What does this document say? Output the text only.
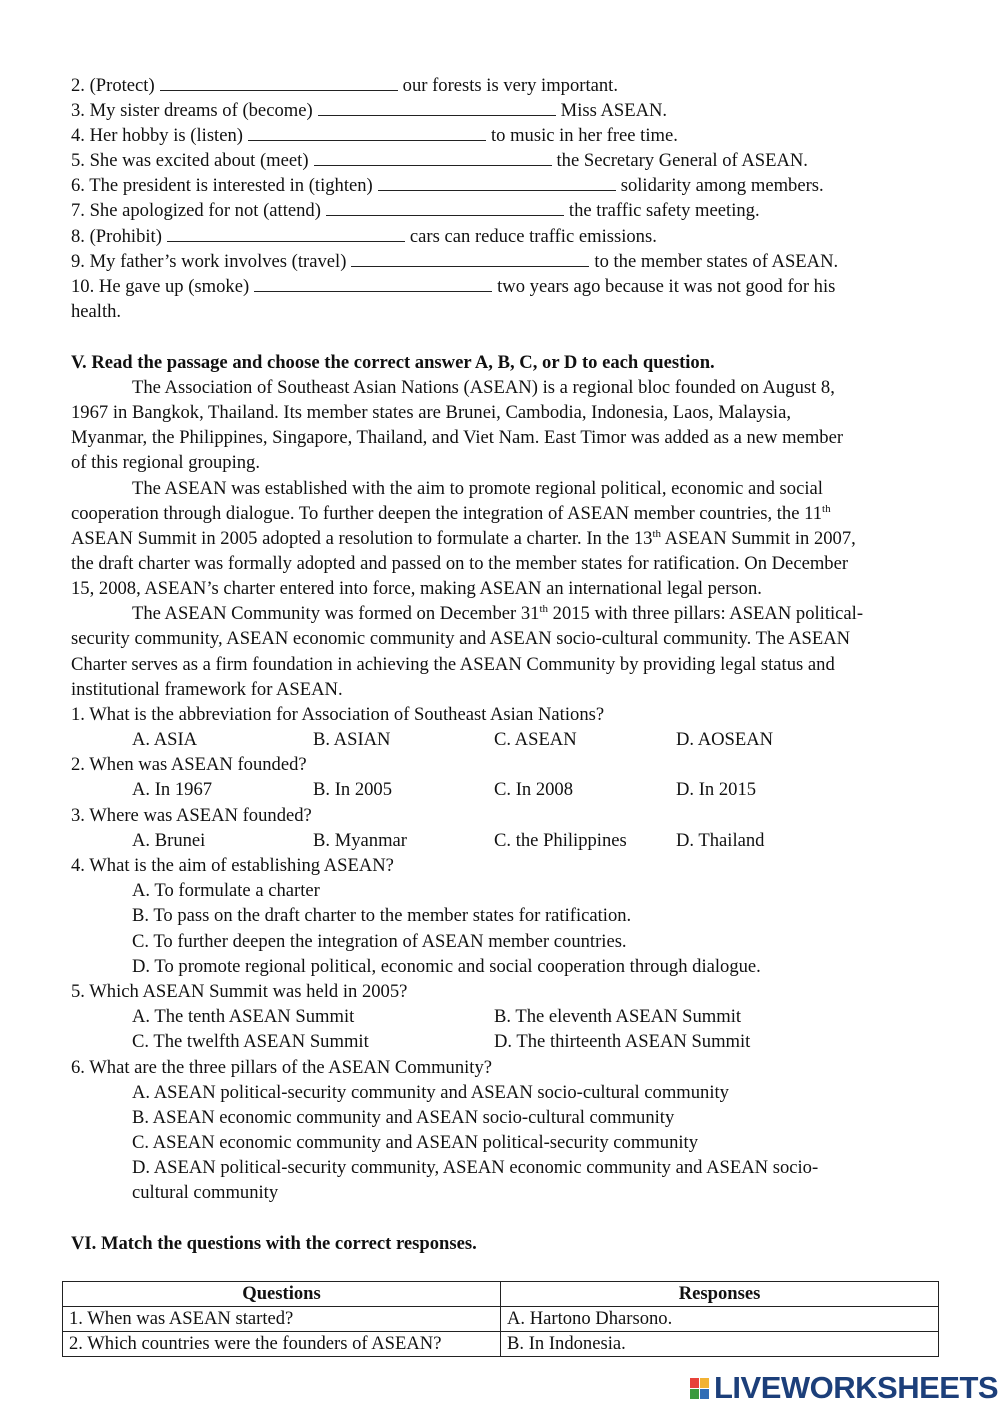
2. (Protect)	our forests is very important.
3. My sister dreams of (become)	Miss ASEAN.
4. Her hobby is (listen)	to music in her free time.
5. She was excited about (meet)	the Secretary General of ASEAN.
6. The president is interested in (tighten)	solidarity among members.
7. She apologized for not (attend)	the traffic safety meeting.
8. (Prohibit)	cars can reduce traffic emissions.
9. My father’s work involves (travel)	to the member states of ASEAN.
10. He gave up (smoke)	two years ago because it was not good for his
health.
V. Read the passage and choose the correct answer A, B, C, or D to each question.
The Association of Southeast Asian Nations (ASEAN) is a regional bloc founded on August 8,
1967 in Bangkok, Thailand. Its member states are Brunei, Cambodia, Indonesia, Laos, Malaysia,
Myanmar, the Philippines, Singapore, Thailand, and Viet Nam. East Timor was added as a new member
of this regional grouping.
The ASEAN was established with the aim to promote regional political, economic and social
cooperation through dialogue. To further deepen the integration of ASEAN member countries, the 11th
ASEAN Summit in 2005 adopted a resolution to formulate a charter. In the 13th ASEAN Summit in 2007,
the draft charter was formally adopted and passed on to the member states for ratification. On December
15, 2008, ASEAN’s charter entered into force, making ASEAN an international legal person.
The ASEAN Community was formed on December 31th 2015 with three pillars: ASEAN political-
security community, ASEAN economic community and ASEAN socio-cultural community. The ASEAN
Charter serves as a firm foundation in achieving the ASEAN Community by providing legal status and
institutional framework for ASEAN.
1. What is the abbreviation for Association of Southeast Asian Nations?
A. ASIA	B. ASIAN	C. ASEAN	D. AOSEAN
2. When was ASEAN founded?
A. In 1967	B. In 2005	C. In 2008	D. In 2015
3. Where was ASEAN founded?
A. Brunei	B. Myanmar	C. the Philippines	D. Thailand
4. What is the aim of establishing ASEAN?
A. To formulate a charter
B. To pass on the draft charter to the member states for ratification.
C. To further deepen the integration of ASEAN member countries.
D. To promote regional political, economic and social cooperation through dialogue.
5. Which ASEAN Summit was held in 2005?
A. The tenth ASEAN Summit	B. The eleventh ASEAN Summit
C. The twelfth ASEAN Summit	D. The thirteenth ASEAN Summit
6. What are the three pillars of the ASEAN Community?
A. ASEAN political-security community and ASEAN socio-cultural community
B. ASEAN economic community and ASEAN socio-cultural community
C. ASEAN economic community and ASEAN political-security community
D. ASEAN political-security community, ASEAN economic community and ASEAN socio-
cultural community
VI. Match the questions with the correct responses.
Questions	Responses
1. When was ASEAN started?	A. Hartono Dharsono.
2. Which countries were the founders of ASEAN?	B. In Indonesia.
LIVEWORKSHEETS
